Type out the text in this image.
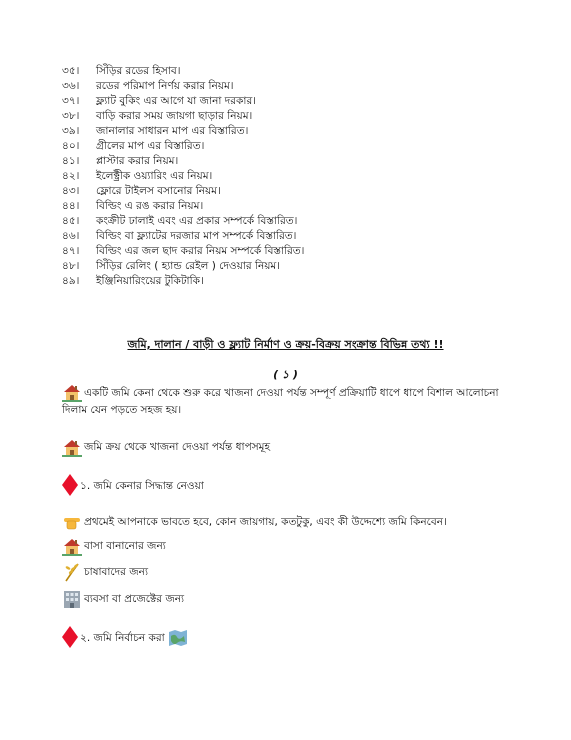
৩৫।	সিঁড়ির রডের হিসাব।
৩৬।	রডের পরিমাপ নির্ণয় করার নিয়ম।
৩৭।	ফ্ল্যাট বুকিং এর আগে যা জানা দরকার।
৩৮।	বাড়ি করার সময় জায়গা ছাড়ার নিয়ম।
৩৯।	জানালার সাধারন মাপ এর বিস্তারিত।
৪০।	গ্রীলের মাপ এর বিস্তারিত।
৪১।	প্লাস্টার করার নিয়ম।
৪২।	ইলেক্ট্রীক ওয়্যারিং এর নিয়ম।
৪৩।	ফ্লোরে টাইলস বসানোর নিয়ম।
৪৪।	বিল্ডিং এ রঙ করার নিয়ম।
৪৫।	কংক্রীট ঢালাই এবং এর প্রকার সম্পর্কে বিস্তারিত।
৪৬।	বিল্ডিং বা ফ্ল্যাটের দরজার মাপ সম্পর্কে বিস্তারিত।
৪৭।	বিল্ডিং এর জল ছাদ করার নিয়ম সম্পর্কে বিস্তারিত।
৪৮।	সিঁড়ির রেলিং ( হ্যান্ড রেইল ) দেওয়ার নিয়ম।
৪৯।	ইঞ্জিনিয়ারিংয়ের টুকিটাকি।
জমি, দালান / বাড়ী ও ফ্ল্যাট নির্মাণ ও ক্রয়-বিক্রয় সংক্রান্ত বিভিন্ন তথ্য !!
( ১ )
একটি জমি কেনা থেকে শুরু করে খাজনা দেওয়া পর্যন্ত সম্পূর্ণ প্রক্রিয়াটি ধাপে ধাপে বিশাল আলোচনা দিলাম যেন পড়তে সহজ হয়।
জমি ক্রয় থেকে খাজনা দেওয়া পর্যন্ত ধাপসমূহ
১. জমি কেনার সিদ্ধান্ত নেওয়া
প্রথমেই আপনাকে ভাবতে হবে, কোন জায়গায়, কতটুকু, এবং কী উদ্দেশ্যে জমি কিনবেন।
বাসা বানানোর জন্য
চাষাবাদের জন্য
ব্যবসা বা প্রজেক্টের জন্য
২. জমি নির্বাচন করা
